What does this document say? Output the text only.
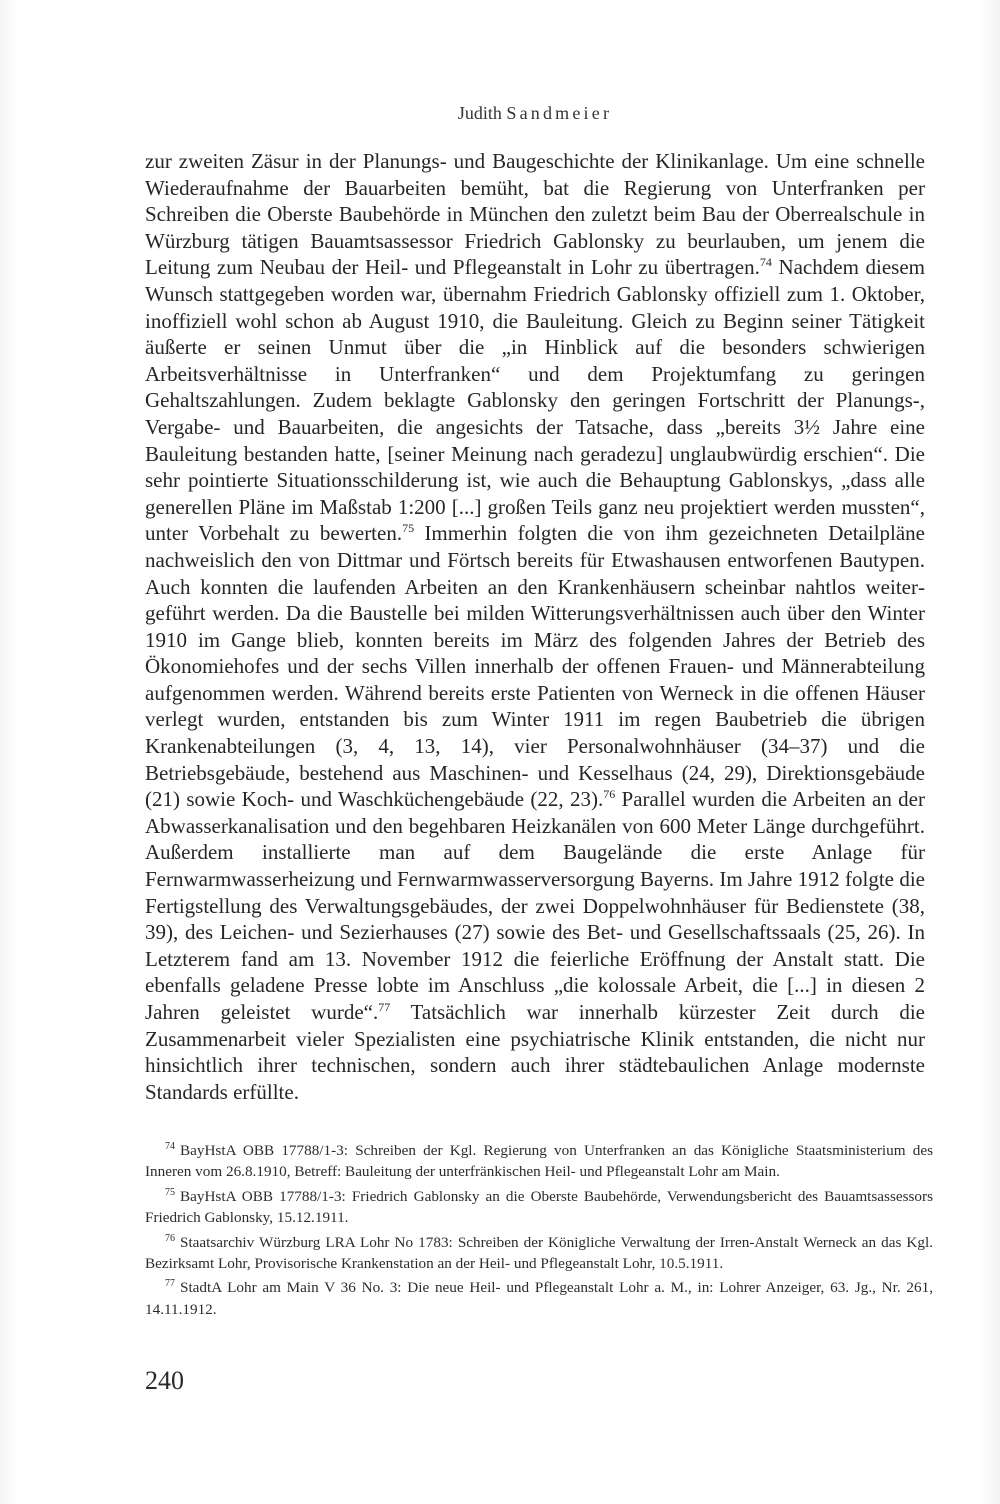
Judith Sandmeier

zur zweiten Zäsur in der Planungs- und Baugeschichte der Klinikanlage. Um eine schnelle Wiederaufnahme der Bauarbeiten bemüht, bat die Regierung von Unterfranken per Schreiben die Oberste Baubehörde in München den zuletzt beim Bau der Oberrealschule in Würzburg tätigen Bauamtsassessor Friedrich Gablonsky zu beurlauben, um jenem die Leitung zum Neubau der Heil- und Pflegeanstalt in Lohr zu übertragen.$^{74}$ Nachdem diesem Wunsch stattgegeben worden war, übernahm Friedrich Gablonsky offiziell zum 1. Oktober, inoffiziell wohl schon ab August 1910, die Bauleitung. Gleich zu Beginn seiner Tätigkeit äußerte er seinen Unmut über die „in Hinblick auf die besonders schwierigen Arbeitsverhältnisse in Unterfranken“ und dem Projektumfang zu geringen Gehaltszahlungen. Zudem beklagte Gablonsky den geringen Fortschritt der Planungs-, Vergabe- und Bauarbeiten, die angesichts der Tatsache, dass „bereits 3½ Jahre eine Bauleitung bestanden hatte, [seiner Meinung nach geradezu] unglaubwürdig erschien“. Die sehr pointierte Situationsschilderung ist, wie auch die Behauptung Gablonskys, „dass alle generellen Pläne im Maßstab 1:200 [...] großen Teils ganz neu projektiert werden mussten“, unter Vorbehalt zu bewerten.$^{75}$ Immerhin folgten die von ihm gezeichneten Detailpläne nachweislich den von Dittmar und Förtsch bereits für Etwashausen entworfenen Bautypen. Auch konnten die laufenden Arbeiten an den Krankenhäusern scheinbar nahtlos weitergeführt werden. Da die Baustelle bei milden Witterungsverhältnissen auch über den Winter 1910 im Gange blieb, konnten bereits im März des folgenden Jahres der Betrieb des Ökonomiehofes und der sechs Villen innerhalb der offenen Frauen- und Männerabteilung aufgenommen werden. Während bereits erste Patienten von Werneck in die offenen Häuser verlegt wurden, entstanden bis zum Winter 1911 im regen Baubetrieb die übrigen Krankenabteilungen (3, 4, 13, 14), vier Personalwohnhäuser (34–37) und die Betriebsgebäude, bestehend aus Maschinen- und Kesselhaus (24, 29), Direktionsgebäude (21) sowie Koch- und Waschküchengebäude (22, 23).$^{76}$ Parallel wurden die Arbeiten an der Abwasserkanalisation und den begehbaren Heizkanälen von 600 Meter Länge durchgeführt. Außerdem installierte man auf dem Baugelände die erste Anlage für Fernwarmwasserheizung und Fernwarmwasserversorgung Bayerns. Im Jahre 1912 folgte die Fertigstellung des Verwaltungsgebäudes, der zwei Doppelwohnhäuser für Bedienstete (38, 39), des Leichen- und Sezierhauses (27) sowie des Bet- und Gesellschaftssaals (25, 26). In Letzterem fand am 13. November 1912 die feierliche Eröffnung der Anstalt statt. Die ebenfalls geladene Presse lobte im Anschluss „die kolossale Arbeit, die [...] in diesen 2 Jahren geleistet wurde“.$^{77}$ Tatsächlich war innerhalb kürzester Zeit durch die Zusammenarbeit vieler Spezialisten eine psychiatrische Klinik entstanden, die nicht nur hinsichtlich ihrer technischen, sondern auch ihrer städtebaulichen Anlage modernste Standards erfüllte.

$^{74}$ BayHstA OBB 17788/1-3: Schreiben der Kgl. Regierung von Unterfranken an das Königliche Staatsministerium des Inneren vom 26.8.1910, Betreff: Bauleitung der unterfränkischen Heil- und Pflegeanstalt Lohr am Main.

$^{75}$ BayHstA OBB 17788/1-3: Friedrich Gablonsky an die Oberste Baubehörde, Verwendungsbericht des Bauamtsassessors Friedrich Gablonsky, 15.12.1911.

$^{76}$ Staatsarchiv Würzburg LRA Lohr No 1783: Schreiben der Königliche Verwaltung der Irren-Anstalt Werneck an das Kgl. Bezirksamt Lohr, Provisorische Krankenstation an der Heil- und Pflegeanstalt Lohr, 10.5.1911.

$^{77}$ StadtA Lohr am Main V 36 No. 3: Die neue Heil- und Pflegeanstalt Lohr a. M., in: Lohrer Anzeiger, 63. Jg., Nr. 261, 14.11.1912.

240
